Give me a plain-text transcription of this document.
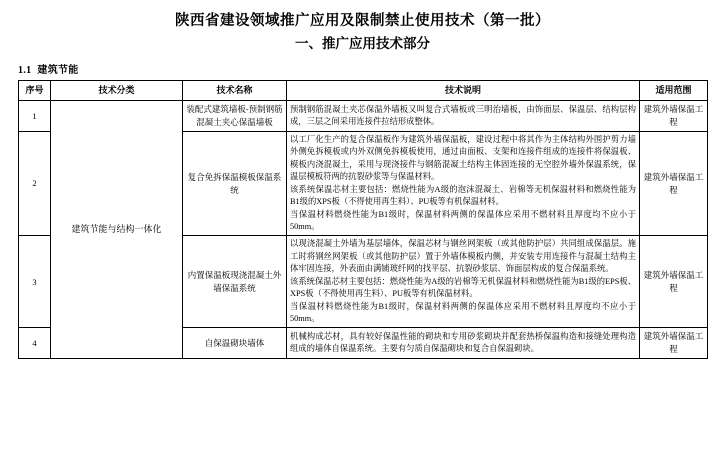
陕西省建设领域推广应用及限制禁止使用技术（第一批）
一、推广应用技术部分
1.1 建筑节能
序号	技术分类	技术名称	技术说明	适用范围
1	建筑节能与结构一体化	装配式建筑墙板-预制钢筋混凝土夹心保温墙板	预制钢筋混凝土夹芯保温外墙板又叫复合式墙板或三明治墙板，由饰面层、保温层、结构层构成，三层之间采用连接件拉结形成整体。	建筑外墙保温工程
2		复合免拆保温模板保温系统	以工厂化生产的复合保温板作为建筑外墙保温板，建设过程中将其作为主体结构外围护剪力墙外侧免拆模板或内外双侧免拆模板使用，通过由面板、支架和连接件组成的连接件将保温板、模板内浇混凝土，采用与现浇接件与钢筋混凝土结构主体固连接的无空腔外墙外保温系统，保温层模板符两的抗裂砂浆等与保温材料。

该系统保温芯材主要包括：燃烧性能为A级的泡沫混凝土、岩棉等无机保温材料和燃烧性能为B1级的XPS板（不得使用再生料）、PU板等有机保温材料。

当保温材料燃烧性能为B1级时，保温材料两侧的保温体应采用不燃材料且厚度均不应小于50mm。	建筑外墙保温工程
3		内置保温板现浇混凝土外墙保温系统	以现浇混凝土外墙为基层墙体，保温芯材与钢丝网架板（或其他防护层）共同组成保温层。施工时将钢丝网架板（或其他防护层）置于外墙体模板内侧，并安装专用连接件与混凝土结构主体牢固连接，外表面由满铺玻纤网的找平层、抗裂砂浆层、饰面层构成的复合保温系统。

该系统保温芯材主要包括：燃烧性能为A级的岩棉等无机保温材料和燃烧性能为B1级的EPS板、XPS板（不得使用再生料）、PU板等有机保温材料。

当保温材料燃烧性能为B1级时，保温材料两侧的保温体应采用不燃材料且厚度均不应小于50mm。	建筑外墙保温工程
4		自保温砌块墙体	机械构成芯材，具有较好保温性能的砌块和专用砂浆砌块并配套热桥保温构造和接缝处理构造组成的墙体自保温系统。主要有匀质自保温砌块和复合自保温砌块。	建筑外墙保温工程
